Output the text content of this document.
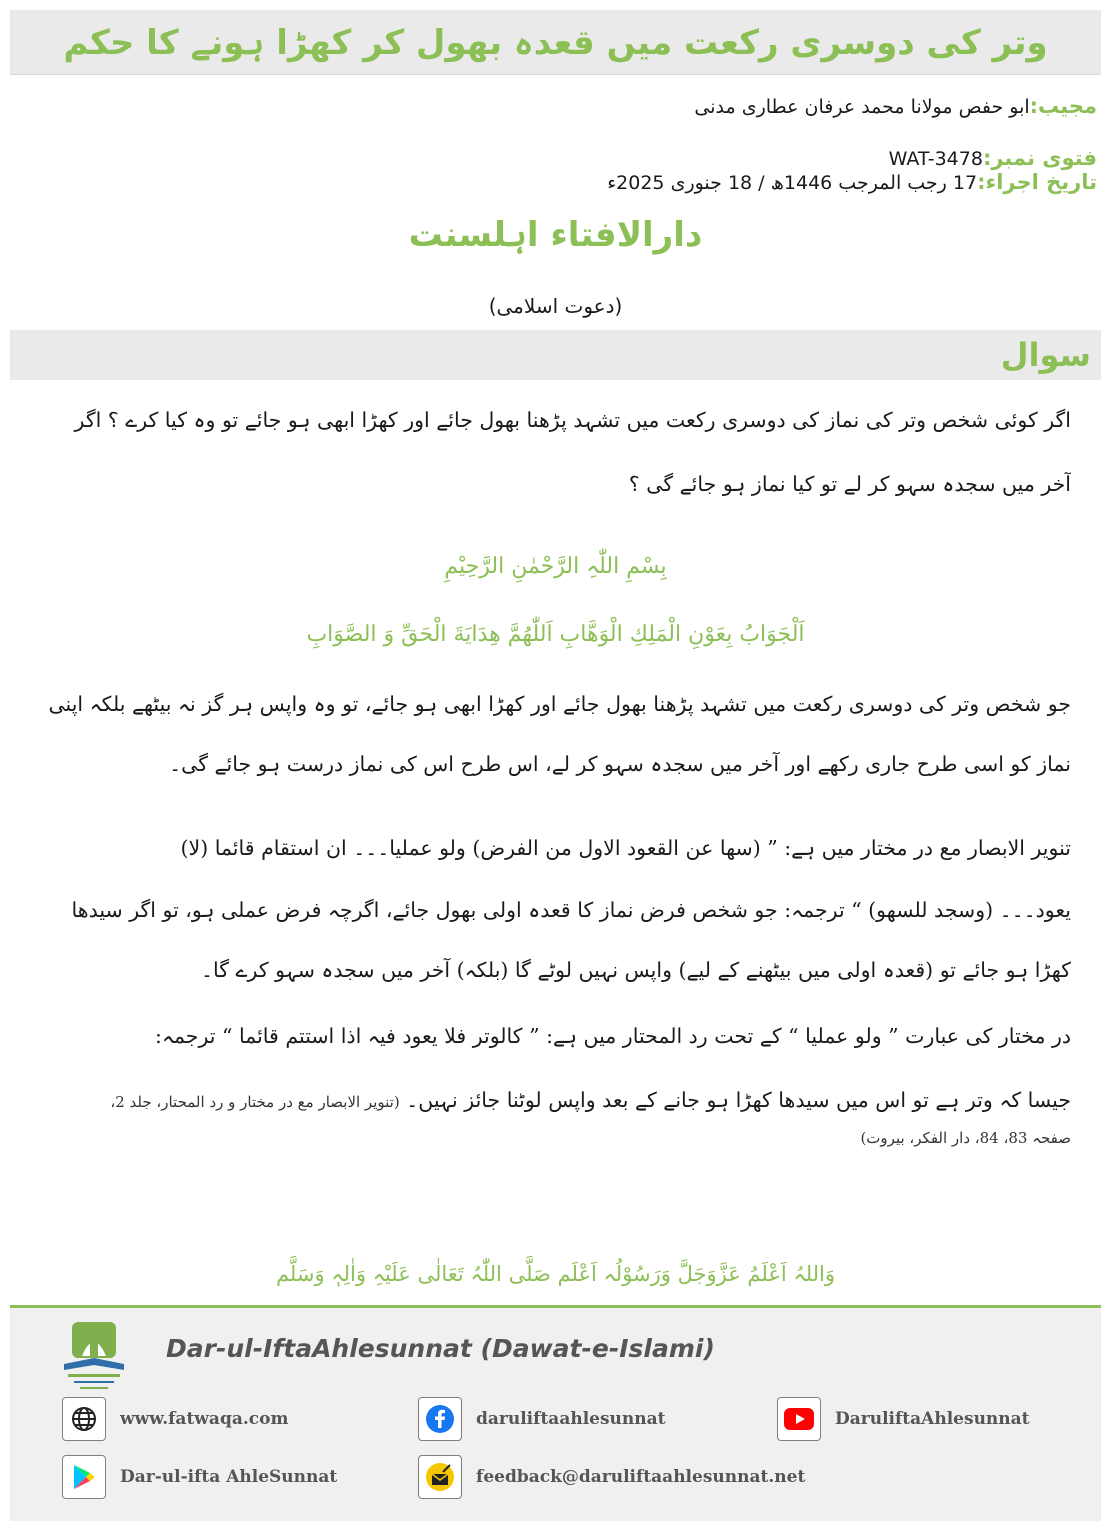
وتر کی دوسری رکعت میں قعدہ بھول کر کھڑا ہونے کا حکم
مجیب:ابو حفص مولانا محمد عرفان عطاری مدنی
فتوی نمبر:WAT-3478
تاریخ اجراء:17 رجب المرجب 1446ھ / 18 جنوری 2025ء
دارالافتاء اہلسنت
(دعوت اسلامی)
سوال
اگر کوئی شخص وتر کی نماز کی دوسری رکعت میں تشہد پڑھنا بھول جائے اور کھڑا ابھی ہو جائے تو وہ کیا کرے ؟ اگر
آخر میں سجدہ سہو کر لے تو کیا نماز ہو جائے گی ؟
بِسْمِ اللّٰہِ الرَّحْمٰنِ الرَّحِیْمِ
اَلْجَوَابُ بِعَوْنِ الْمَلِكِ الْوَهَّابِ اَللّٰهُمَّ هِدَايَةَ الْحَقِّ وَ الصَّوَابِ
جو شخص وتر کی دوسری رکعت میں تشہد پڑھنا بھول جائے اور کھڑا ابھی ہو جائے، تو وہ واپس ہر گز نہ بیٹھے بلکہ اپنی
نماز کو اسی طرح جاری رکھے اور آخر میں سجدہ سہو کر لے، اس طرح اس کی نماز درست ہو جائے گی۔
تنویر الابصار مع در مختار میں ہے: ” (سھا عن القعود الاول من الفرض) ولو عملیا۔۔۔ ان استقام قائما (لا)
یعود۔۔۔ (وسجد للسھو) “ ترجمہ: جو شخص فرض نماز کا قعدہ اولی بھول جائے، اگرچہ فرض عملی ہو، تو اگر سیدھا
کھڑا ہو جائے تو (قعدہ اولی میں بیٹھنے کے لیے) واپس نہیں لوٹے گا (بلکہ) آخر میں سجدہ سہو کرے گا۔
در مختار کی عبارت ” ولو عملیا “ کے تحت رد المحتار میں ہے: ” کالوتر فلا یعود فیہ اذا استتم قائما “ ترجمہ:
جیسا کہ وتر ہے تو اس میں سیدھا کھڑا ہو جانے کے بعد واپس لوٹنا جائز نہیں۔ (تنویر الابصار مع در مختار و رد المحتار، جلد 2،
صفحہ 83، 84، دار الفکر، بیروت)
وَاللہُ اَعْلَمُ عَزَّوَجَلَّ وَرَسُوْلُہ اَعْلَم صَلَّی اللّٰہُ تَعَالٰی عَلَیْہِ وَاٰلِہٖ وَسَلَّم
Dar-ul-IftaAhlesunnat (Dawat-e-Islami)
www.fatwaqa.com	daruliftaahlesunnat	DaruliftaAhlesunnat
Dar-ul-ifta AhleSunnat	feedback@daruliftaahlesunnat.net
